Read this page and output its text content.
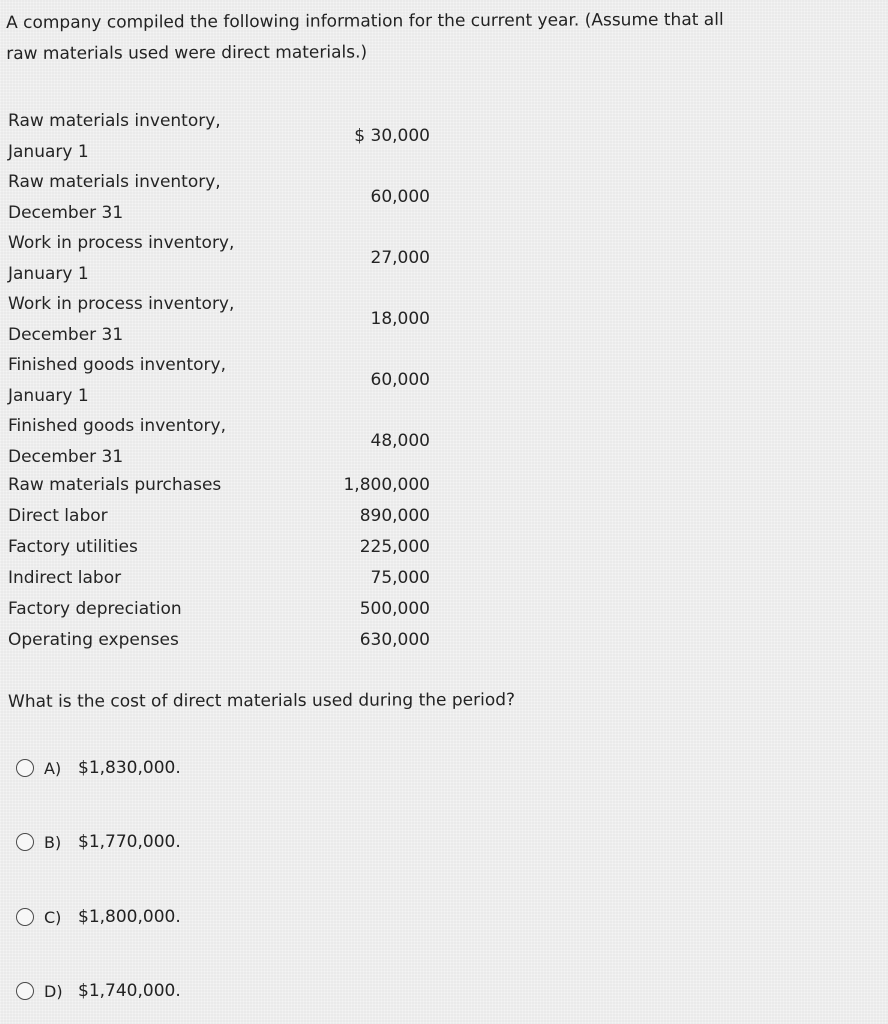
A company compiled the following information for the current year. (Assume that all

raw materials used were direct materials.)

Raw materials inventory,
January 1
$ 30,000
Raw materials inventory,
December 31
60,000
Work in process inventory,
January 1
27,000
Work in process inventory,
December 31
18,000
Finished goods inventory,
January 1
60,000
Finished goods inventory,
December 31
48,000
Raw materials purchases	1,800,000
Direct labor	890,000
Factory utilities	225,000
Indirect labor	75,000
Factory depreciation	500,000
Operating expenses	630,000
What is the cost of direct materials used during the period?
A) $1,830,000.
B) $1,770,000.
C) $1,800,000.
D) $1,740,000.
